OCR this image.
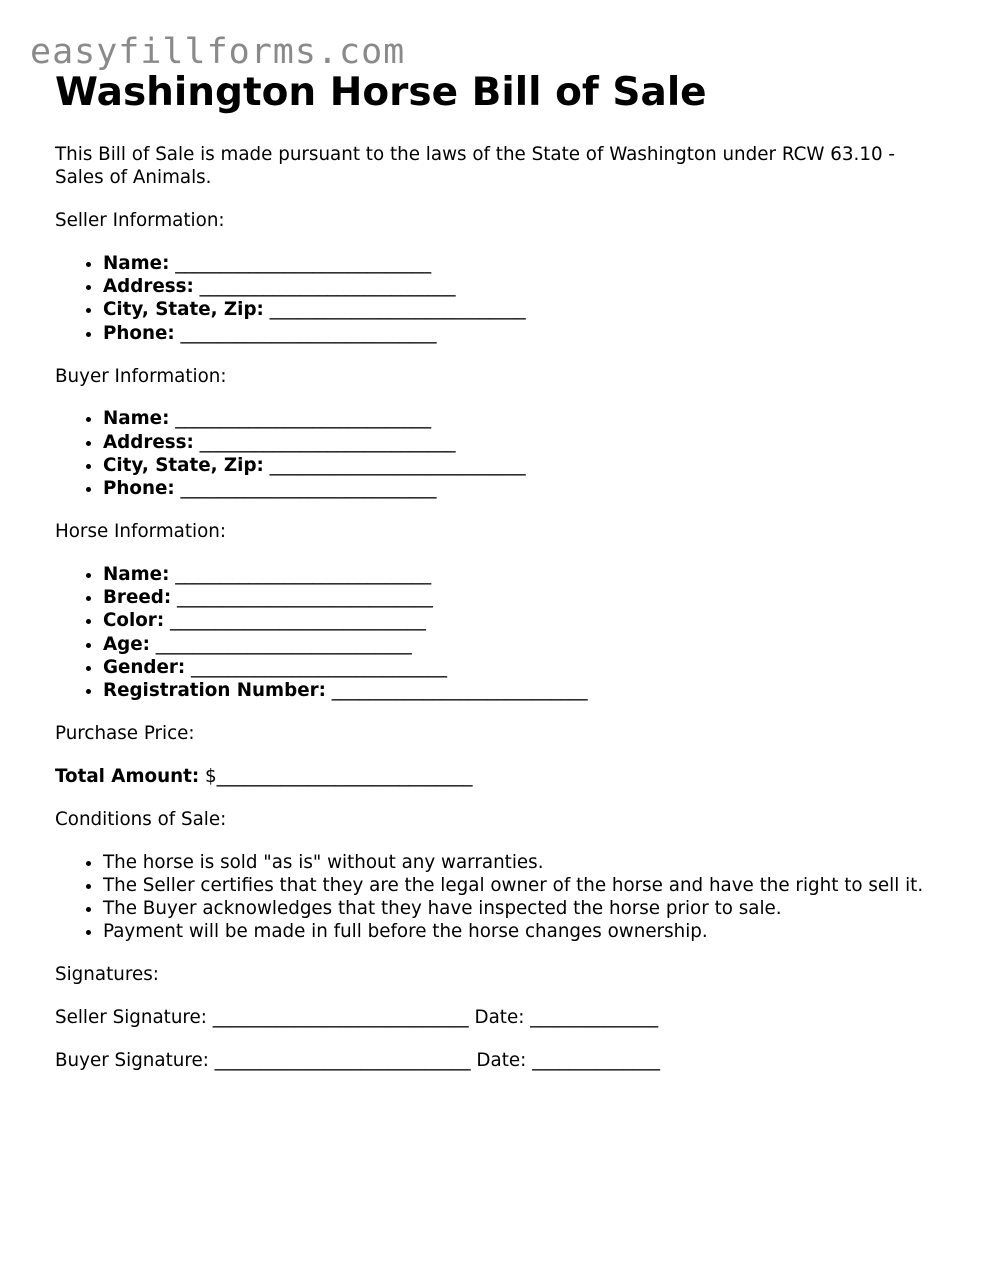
easyfillforms.com
Washington Horse Bill of Sale

This Bill of Sale is made pursuant to the laws of the State of Washington under RCW 63.10 - Sales of Animals.

Seller Information:

• Name: ____________________________
• Address: ____________________________
• City, State, Zip: ____________________________
• Phone: ____________________________

Buyer Information:

• Name: ____________________________
• Address: ____________________________
• City, State, Zip: ____________________________
• Phone: ____________________________

Horse Information:

• Name: ____________________________
• Breed: ____________________________
• Color: ____________________________
• Age: ____________________________
• Gender: ____________________________
• Registration Number: ____________________________

Purchase Price:

Total Amount: $____________________________

Conditions of Sale:

• The horse is sold "as is" without any warranties.
• The Seller certifies that they are the legal owner of the horse and have the right to sell it.
• The Buyer acknowledges that they have inspected the horse prior to sale.
• Payment will be made in full before the horse changes ownership.

Signatures:

Seller Signature: ____________________________ Date: ______________

Buyer Signature: ____________________________ Date: ______________
